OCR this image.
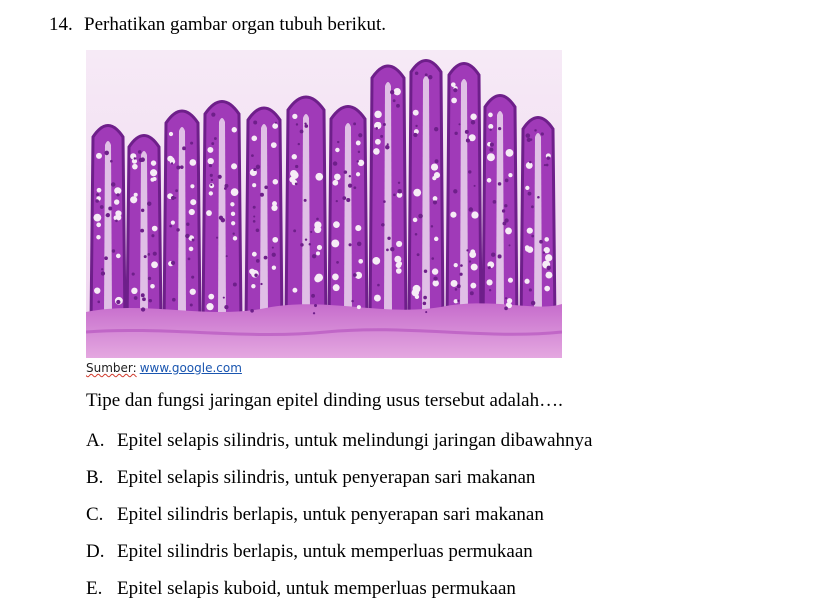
14. Perhatikan gambar organ tubuh berikut.
Sumber: www.google.com
Tipe dan fungsi jaringan epitel dinding usus tersebut adalah….
A. Epitel selapis silindris, untuk melindungi jaringan dibawahnya
B. Epitel selapis silindris, untuk penyerapan sari makanan
C. Epitel silindris berlapis, untuk penyerapan sari makanan
D. Epitel silindris berlapis, untuk memperluas permukaan
E. Epitel selapis kuboid, untuk memperluas permukaan
